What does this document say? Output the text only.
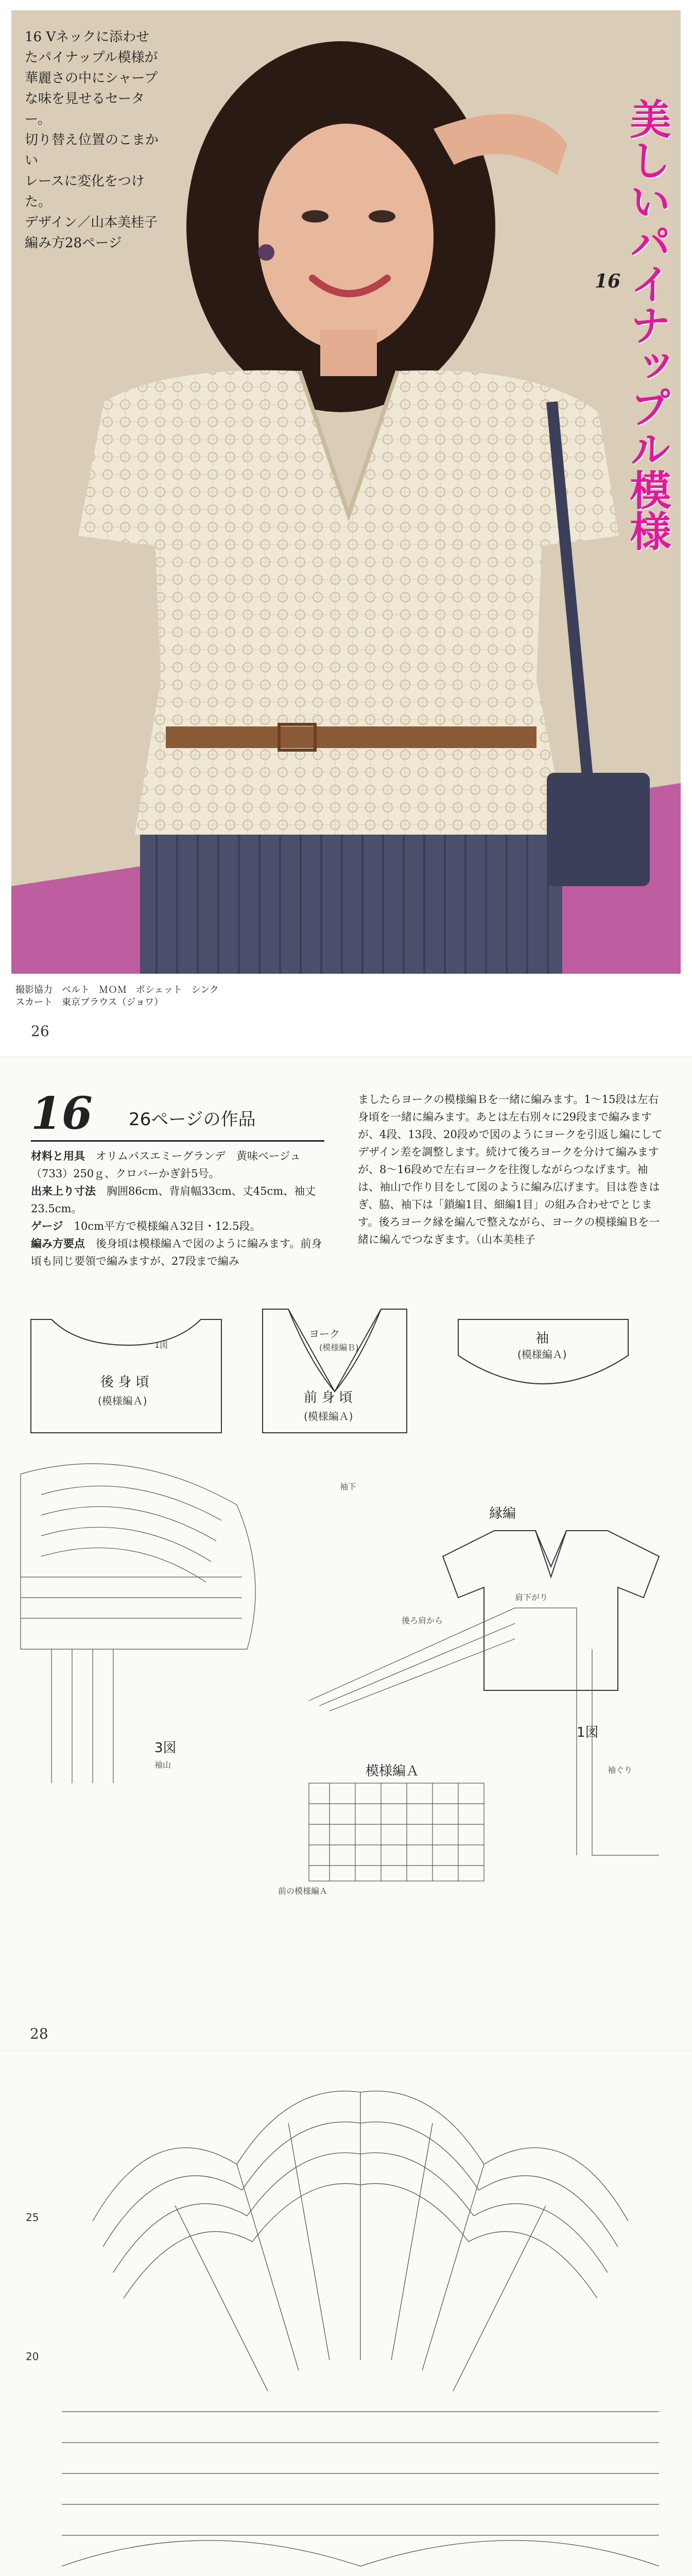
16 Vネックに添わせ
たパイナップル模様が
華麗さの中にシャープ
な味を見せるセーター。
切り替え位置のこまかい
レースに変化をつけた。
デザイン／山本美桂子
編み方28ページ	美しいパイナップル模様
16
撮影協力　ベルト　ＭＯＭ　ポシェット　シンク
スカート　東京ブラウス（ジョワ）
26
16 26ページの作品
材料と用具　 オリムパスエミーグランデ　黄味ベージュ（733）250ｇ、クロバーかぎ針5号。
出来上り寸法　 胸囲86cm、背肩幅33cm、丈45cm、袖丈23.5cm。
ゲージ　 10cm平方で模様編Ａ32目・12.5段。
編み方要点　 後身頃は模様編Ａで図のように編みます。前身頃も同じ要領で編みますが、27段まで編み
ましたらヨークの模様編Ｂを一緒に編みます。1〜15段は左右身頃を一緒に編みます。あとは左右別々に29段まで編みますが、4段、13段、20段めで図のようにヨークを引返し編にしてデザイン差を調整します。続けて後ろヨークを分けて編みますが、8〜16段めで左右ヨークを往復しながらつなげます。袖は、袖山で作り目をして図のように編み広げます。目は巻きはぎ、脇、袖下は「鎖編1目、細編1目」の組み合わせでとじます。後ろヨーク縁を編んで整えながら、ヨークの模様編Ｂを一緒に編んでつなぎます。（山本美桂子
後 身 頃
(模様編Ａ)
1図
前 身 頃
(模様編Ａ)
ヨーク
(模様編Ｂ)
袖
(模様編Ａ)
縁編
3図
袖山
袖下
1図
肩下がり
後ろ肩から
袖ぐり
模様編Ａ
前の模様編Ａ
28
25
20
